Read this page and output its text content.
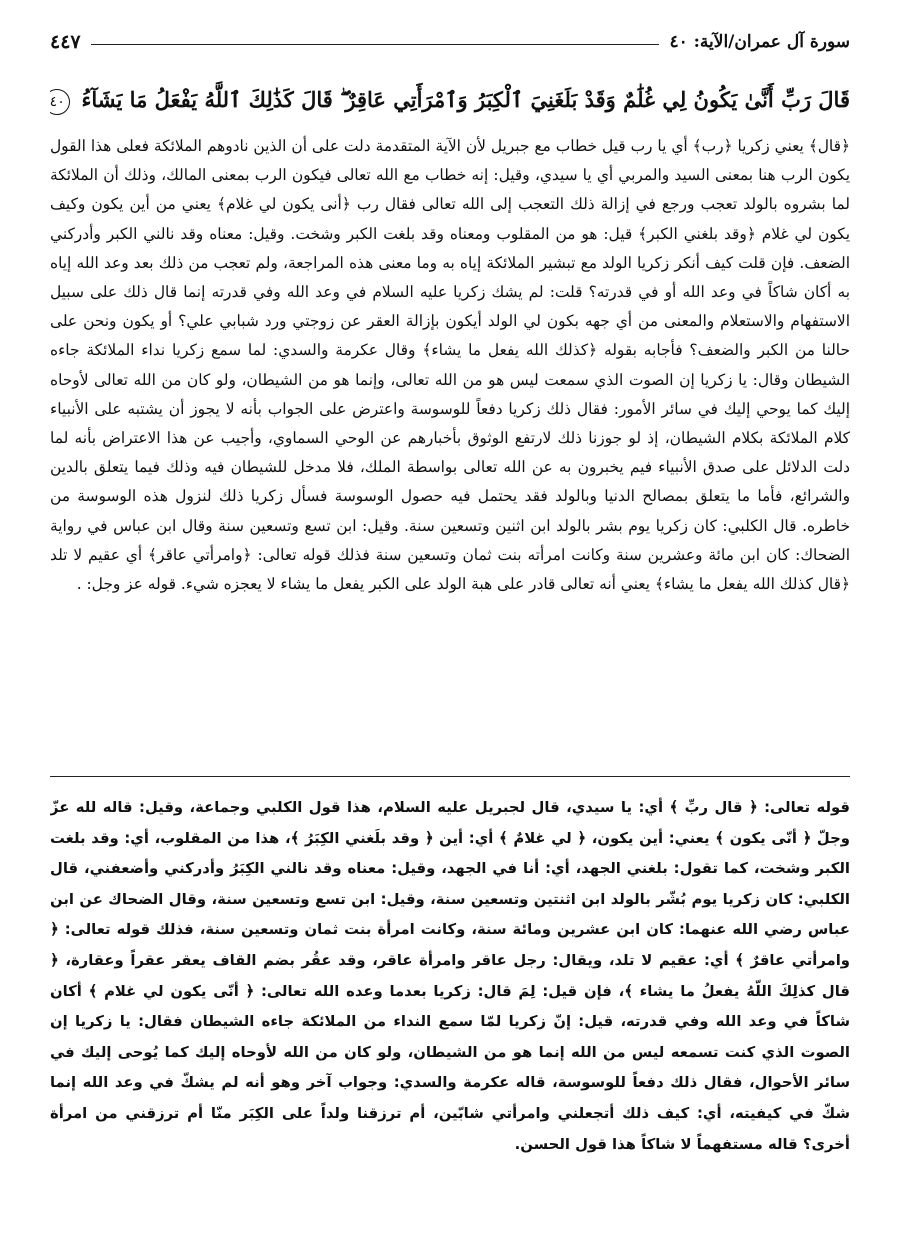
سورة آل عمران/الآية: ٤٠
٤٤٧
قَالَ رَبِّ أَنَّىٰ يَكُونُ لِي غُلَٰمٌ وَقَدْ بَلَغَنِيَ ٱلْكِبَرُ وَٱمْرَأَتِي عَاقِرٌ ۖ قَالَ كَذَٰلِكَ ٱللَّهُ يَفْعَلُ مَا يَشَآءُ ٤٠
﴿قال﴾ يعني زكريا ﴿رب﴾ أي يا رب قيل خطاب مع جبريل لأن الآية المتقدمة دلت على أن الذين نادوهم الملائكة فعلى هذا القول يكون الرب هنا بمعنى السيد والمربي أي يا سيدي، وقيل: إنه خطاب مع الله تعالى فيكون الرب بمعنى المالك، وذلك أن الملائكة لما بشروه بالولد تعجب ورجع في إزالة ذلك التعجب إلى الله تعالى فقال رب ﴿أنى يكون لي غلام﴾ يعني من أين يكون وكيف يكون لي غلام ﴿وقد بلغني الكبر﴾ قيل: هو من المقلوب ومعناه وقد بلغت الكبر وشخت. وقيل: معناه وقد نالني الكبر وأدركني الضعف. فإن قلت كيف أنكر زكريا الولد مع تبشير الملائكة إياه به وما معنى هذه المراجعة، ولم تعجب من ذلك بعد وعد الله إياه به أكان شاكاً في وعد الله أو في قدرته؟ قلت: لم يشك زكريا عليه السلام في وعد الله وفي قدرته إنما قال ذلك على سبيل الاستفهام والاستعلام والمعنى من أي جهه بكون لي الولد أيكون بإزالة العقر عن زوجتي ورد شبابي علي؟ أو يكون ونحن على حالنا من الكبر والضعف؟ فأجابه بقوله ﴿كذلك الله يفعل ما يشاء﴾ وقال عكرمة والسدي: لما سمع زكريا نداء الملائكة جاءه الشيطان وقال: يا زكريا إن الصوت الذي سمعت ليس هو من الله تعالى، وإنما هو من الشيطان، ولو كان من الله تعالى لأوحاه إليك كما يوحي إليك في سائر الأمور: فقال ذلك زكريا دفعاً للوسوسة واعترض على الجواب بأنه لا يجوز أن يشتبه على الأنبياء كلام الملائكة بكلام الشيطان، إذ لو جوزنا ذلك لارتفع الوثوق بأخبارهم عن الوحي السماوي، وأجيب عن هذا الاعتراض بأنه لما دلت الدلائل على صدق الأنبياء فيم يخبرون به عن الله تعالى بواسطة الملك، فلا مدخل للشيطان فيه وذلك فيما يتعلق بالدين والشرائع، فأما ما يتعلق بمصالح الدنيا وبالولد فقد يحتمل فيه حصول الوسوسة فسأل زكريا ذلك لنزول هذه الوسوسة من خاطره. قال الكلبي: كان زكريا يوم بشر بالولد ابن اثنين وتسعين سنة. وقيل: ابن تسع وتسعين سنة وقال ابن عباس في رواية الضحاك: كان ابن مائة وعشرين سنة وكانت امرأته بنت ثمان وتسعين سنة فذلك قوله تعالى: ﴿وامرأتي عاقر﴾ أي عقيم لا تلد ﴿قال كذلك الله يفعل ما يشاء﴾ يعني أنه تعالى قادر على هبة الولد على الكبر يفعل ما يشاء لا يعجزه شيء. قوله عز وجل: .
قوله تعالى: ﴿ قال ربِّ ﴾ أي: يا سيدي، قال لجبريل عليه السلام، هذا قول الكلبي وجماعة، وقيل: قاله لله عزّ وجلّ ﴿ أنّى يكون ﴾ يعني: أين يكون، ﴿ لي غلامٌ ﴾ أي: أين ﴿ وقد بلَغني الكِبَرُ ﴾، هذا من المقلوب، أي: وقد بلغت الكبر وشخت، كما تقول: بلغني الجهد، أي: أنا في الجهد، وقيل: معناه وقد نالني الكِبَرُ وأدركني وأضعفني، قال الكلبي: كان زكريا يوم بُشّر بالولد ابن اثنتين وتسعين سنة، وقيل: ابن تسع وتسعين سنة، وقال الضحاك عن ابن عباس رضي الله عنهما: كان ابن عشرين ومائة سنة، وكانت امرأة بنت ثمان وتسعين سنة، فذلك قوله تعالى: ﴿ وامرأتي عاقرٌ ﴾ أي: عقيم لا تلد، ويقال: رجل عاقر وامرأة عاقر، وقد عقُر بضم القاف يعقر عقراً وعقارة، ﴿ قال كذلِكَ اللّهُ يفعلُ ما يشاء ﴾، فإن قيل: لِمَ قال: زكريا بعدما وعده الله تعالى: ﴿ أنّى يكون لي غلام ﴾ أكان شاكاً في وعد الله وفي قدرته، قيل: إنّ زكريا لمّا سمع النداء من الملائكة جاءه الشيطان فقال: يا زكريا إن الصوت الذي كنت تسمعه ليس من الله إنما هو من الشيطان، ولو كان من الله لأوحاه إليك كما يُوحى إليك في سائر الأحوال، فقال ذلك دفعاً للوسوسة، قاله عكرمة والسدي: وجواب آخر وهو أنه لم يشكّ في وعد الله إنما شكّ في كيفيته، أي: كيف ذلك أتجعلني وامرأتي شابّين، أم ترزقنا ولداً على الكِبَر منّا أم ترزقني من امرأة أخرى؟ قاله مستفهماً لا شاكاً هذا قول الحسن.
